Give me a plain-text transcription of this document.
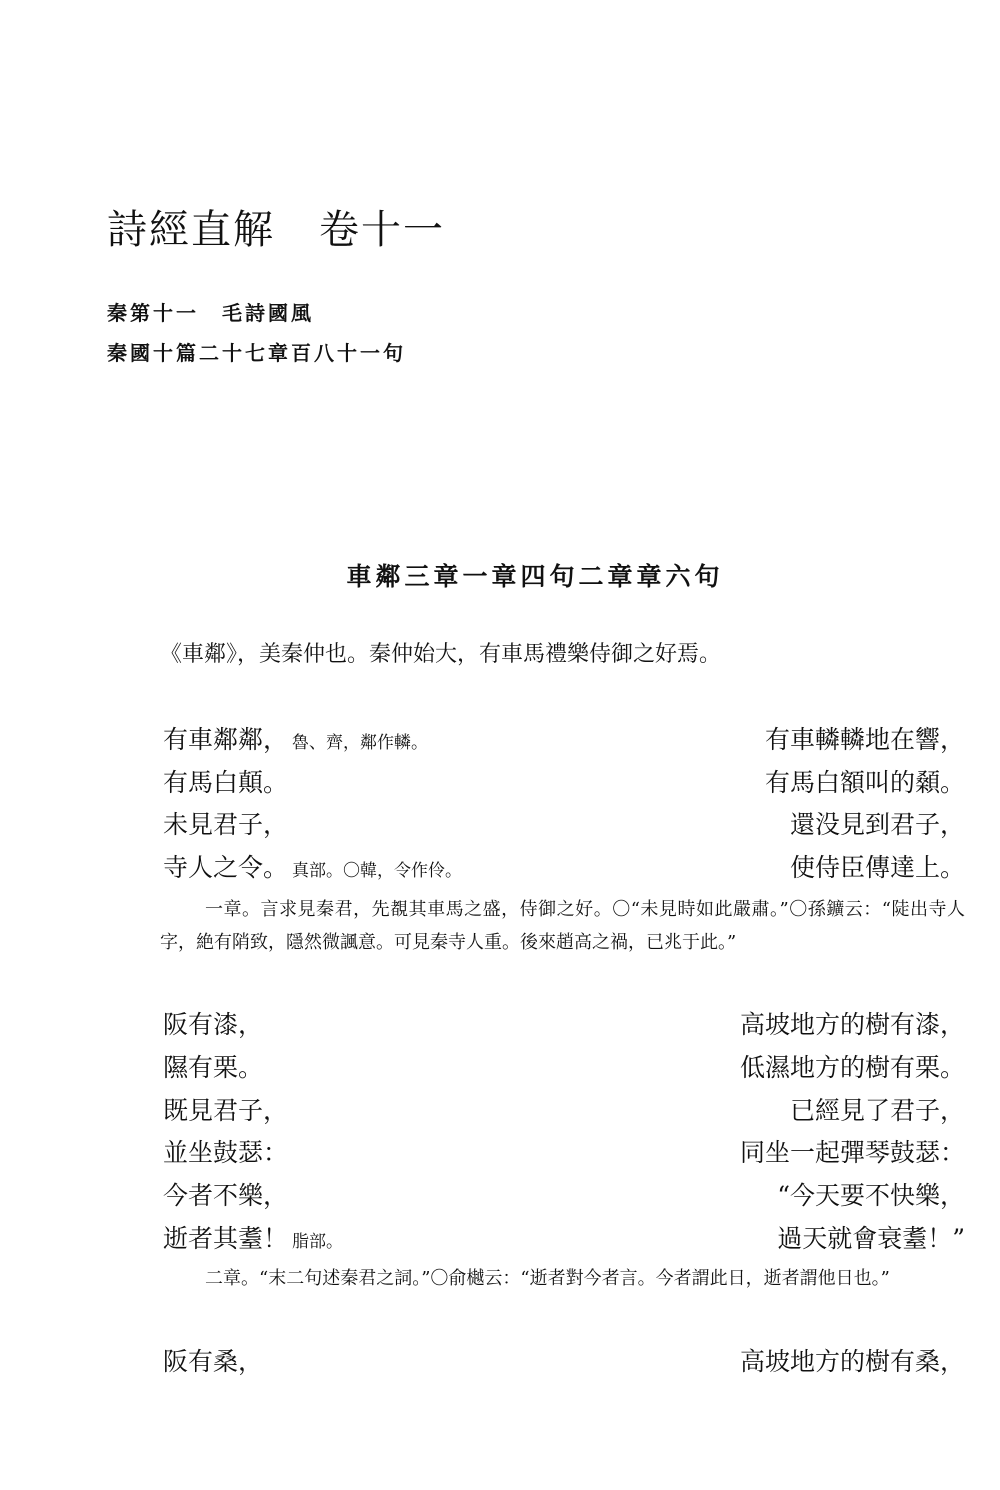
詩經直解 卷十一
秦第十一　毛詩國風
秦國十篇二十七章百八十一句
車鄰三章一章四句二章章六句
《車鄰》，美秦仲也。秦仲始大，有車馬禮樂侍御之好焉。
有車鄰鄰， 魯、齊，鄰作轔。	有車轔轔地在響，
有馬白顛。	有馬白額叫的顙。
未見君子，	還没見到君子，
寺人之令。 真部。〇韓，令作伶。	使侍臣傳達上。
一章。言求見秦君，先覩其車馬之盛，侍御之好。〇“未見時如此嚴肅。”〇孫鑛云：“陡出寺人字，絶有陗致，隱然微諷意。可見秦寺人重。後來趙高之禍，已兆于此。”
阪有漆，	高坡地方的樹有漆，
隰有栗。	低濕地方的樹有栗。
既見君子，	已經見了君子，
並坐鼓瑟：	同坐一起彈琴鼓瑟：
今者不樂，	“今天要不快樂，
逝者其耋！ 脂部。	過天就會衰耋！”
二章。“末二句述秦君之詞。”〇俞樾云：“逝者對今者言。今者謂此日，逝者謂他日也。”
阪有桑，	高坡地方的樹有桑，
